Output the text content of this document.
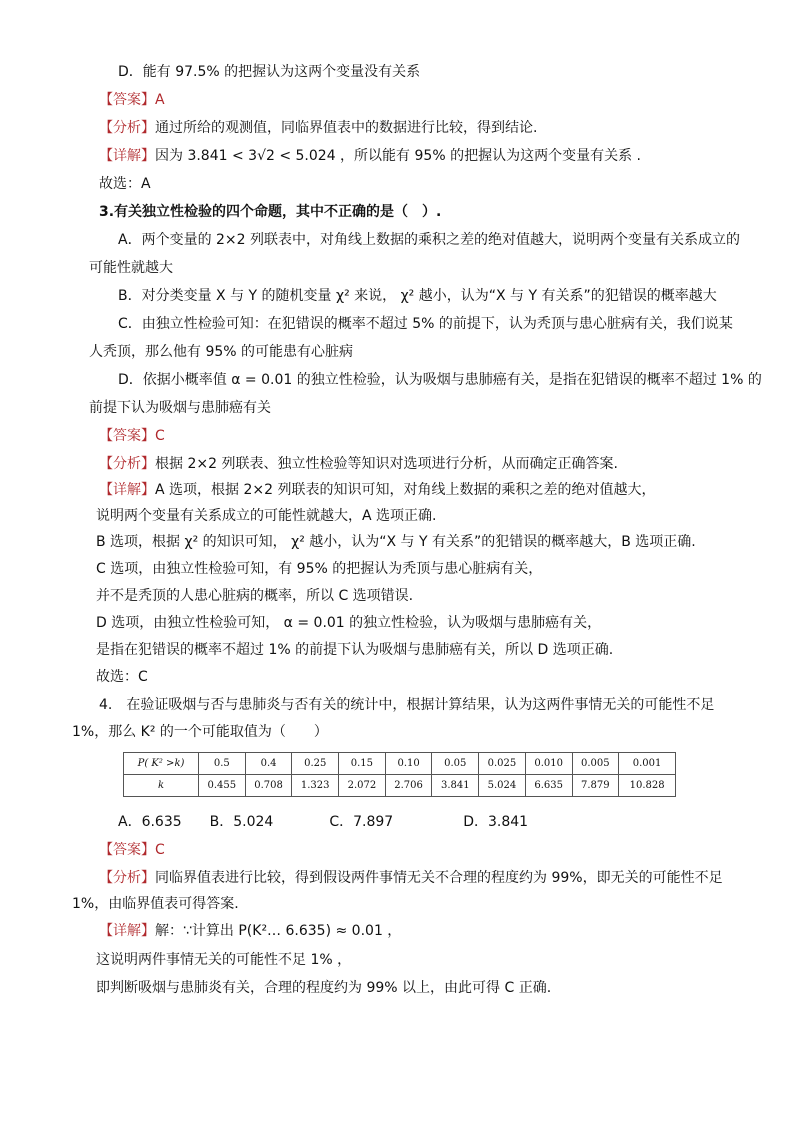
D．能有 97.5% 的把握认为这两个变量没有关系
【答案】A
【分析】通过所给的观测值，同临界值表中的数据进行比较，得到结论.
【详解】因为 3.841 < 3√2 < 5.024 ，所以能有 95% 的把握认为这两个变量有关系 .
故选：A
3.有关独立性检验的四个命题，其中不正确的是（　）.
A．两个变量的 2×2 列联表中，对角线上数据的乘积之差的绝对值越大，说明两个变量有关系成立的
可能性就越大
B．对分类变量 X 与 Y 的随机变量 χ² 来说， χ² 越小，认为“X 与 Y 有关系”的犯错误的概率越大
C．由独立性检验可知：在犯错误的概率不超过 5% 的前提下，认为秃顶与患心脏病有关，我们说某
人秃顶，那么他有 95% 的可能患有心脏病
D．依据小概率值 α = 0.01 的独立性检验，认为吸烟与患肺癌有关，是指在犯错误的概率不超过 1% 的
前提下认为吸烟与患肺癌有关
【答案】C
【分析】根据 2×2 列联表、独立性检验等知识对选项进行分析，从而确定正确答案.
【详解】A 选项，根据 2×2 列联表的知识可知，对角线上数据的乘积之差的绝对值越大，
说明两个变量有关系成立的可能性就越大，A 选项正确.
B 选项，根据 χ² 的知识可知， χ² 越小，认为“X 与 Y 有关系”的犯错误的概率越大，B 选项正确.
C 选项，由独立性检验可知，有 95% 的把握认为秃顶与患心脏病有关，
并不是秃顶的人患心脏病的概率，所以 C 选项错误.
D 选项，由独立性检验可知， α = 0.01 的独立性检验，认为吸烟与患肺癌有关，
是指在犯错误的概率不超过 1% 的前提下认为吸烟与患肺癌有关，所以 D 选项正确.
故选：C
4.　在验证吸烟与否与患肺炎与否有关的统计中，根据计算结果，认为这两件事情无关的可能性不足
1%，那么 K² 的一个可能取值为（　　）
P( K² >k)	0.5	0.4	0.25	0.15	0.10	0.05	0.025	0.010	0.005	0.001
k	0.455	0.708	1.323	2.072	2.706	3.841	5.024	6.635	7.879	10.828
A．6.635　　B．5.024　　　　C．7.897　　　　　D．3.841
【答案】C
【分析】同临界值表进行比较，得到假设两件事情无关不合理的程度约为 99%，即无关的可能性不足
1%，由临界值表可得答案.
【详解】解：∵计算出 P(K²… 6.635) ≈ 0.01 ，
这说明两件事情无关的可能性不足 1% ，
即判断吸烟与患肺炎有关，合理的程度约为 99% 以上，由此可得 C 正确.
